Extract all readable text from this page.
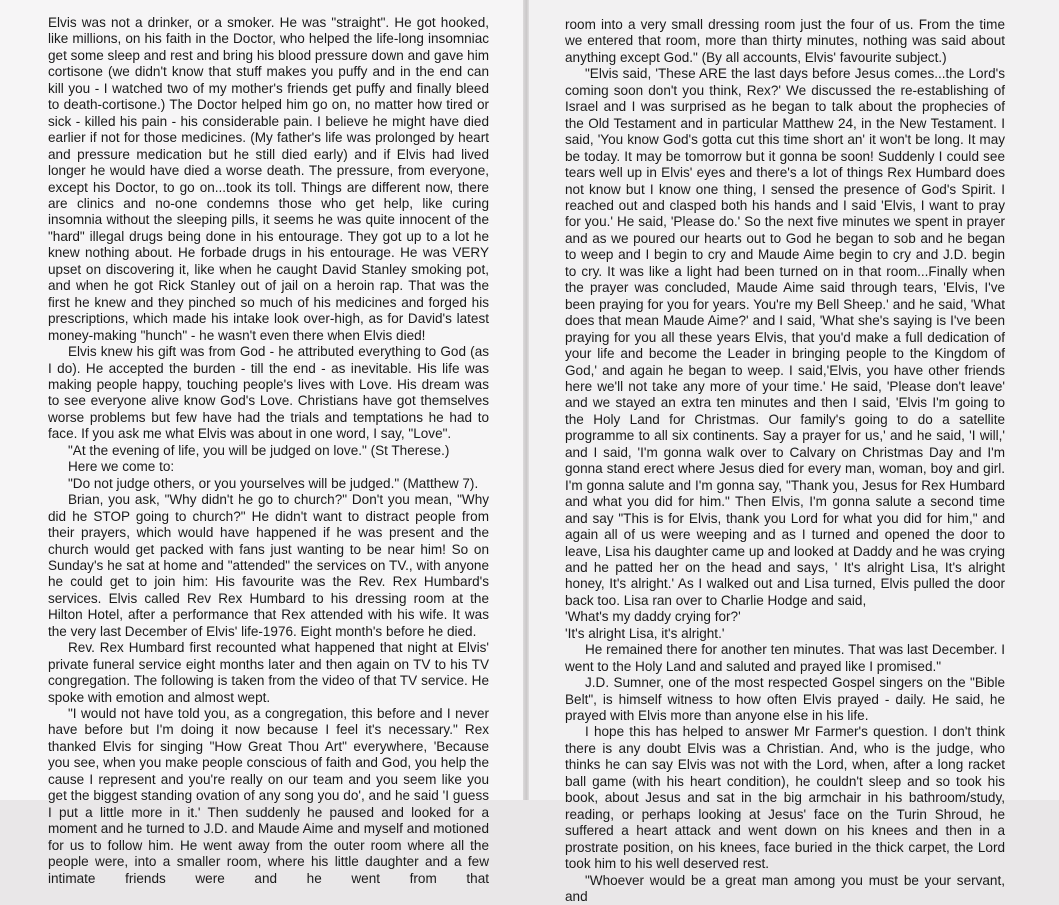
Elvis was not a drinker, or a smoker. He was "straight". He got hooked, like millions, on his faith in the Doctor, who helped the life-long insomniac get some sleep and rest and bring his blood pressure down and gave him cortisone (we didn't know that stuff makes you puffy and in the end can kill you - I watched two of my mother's friends get puffy and finally bleed to death-cortisone.) The Doctor helped him go on, no matter how tired or sick - killed his pain - his considerable pain. I believe he might have died earlier if not for those medicines. (My father's life was prolonged by heart and pressure medication but he still died early) and if Elvis had lived longer he would have died a worse death. The pressure, from everyone, except his Doctor, to go on...took its toll. Things are different now, there are clinics and no-one condemns those who get help, like curing insomnia without the sleeping pills, it seems he was quite innocent of the "hard" illegal drugs being done in his entourage. They got up to a lot he knew nothing about. He forbade drugs in his entourage. He was VERY upset on discovering it, like when he caught David Stanley smoking pot, and when he got Rick Stanley out of jail on a heroin rap. That was the first he knew and they pinched so much of his medicines and forged his prescriptions, which made his intake look over-high, as for David's latest money-making "hunch" - he wasn't even there when Elvis died!

Elvis knew his gift was from God - he attributed everything to God (as I do). He accepted the burden - till the end - as inevitable. His life was making people happy, touching people's lives with Love. His dream was to see everyone alive know God's Love. Christians have got themselves worse problems but few have had the trials and temptations he had to face. If you ask me what Elvis was about in one word, I say, "Love".

"At the evening of life, you will be judged on love." (St Therese.)

Here we come to:

"Do not judge others, or you yourselves will be judged." (Matthew 7).

Brian, you ask, "Why didn't he go to church?" Don't you mean, "Why did he STOP going to church?" He didn't want to distract people from their prayers, which would have happened if he was present and the church would get packed with fans just wanting to be near him! So on Sunday's he sat at home and "attended" the services on TV., with anyone he could get to join him: His favourite was the Rev. Rex Humbard's services. Elvis called Rev Rex Humbard to his dressing room at the Hilton Hotel, after a performance that Rex attended with his wife. It was the very last December of Elvis' life-1976. Eight month's before he died.

Rev. Rex Humbard first recounted what happened that night at Elvis' private funeral service eight months later and then again on TV to his TV congregation. The following is taken from the video of that TV service. He spoke with emotion and almost wept.

"I would not have told you, as a congregation, this before and I never have before but I'm doing it now because I feel it's necessary." Rex thanked Elvis for singing "How Great Thou Art" everywhere, 'Because you see, when you make people conscious of faith and God, you help the cause I represent and you're really on our team and you seem like you get the biggest standing ovation of any song you do', and he said 'I guess I put a little more in it.' Then suddenly he paused and looked for a moment and he turned to J.D. and Maude Aime and myself and motioned for us to follow him. He went away from the outer room where all the people were, into a smaller room, where his little daughter and a few intimate friends were and he went from that

room into a very small dressing room just the four of us. From the time we entered that room, more than thirty minutes, nothing was said about anything except God." (By all accounts, Elvis' favourite subject.)

"Elvis said, 'These ARE the last days before Jesus comes...the Lord's coming soon don't you think, Rex?' We discussed the re-establishing of Israel and I was surprised as he began to talk about the prophecies of the Old Testament and in particular Matthew 24, in the New Testament. I said, 'You know God's gotta cut this time short an' it won't be long. It may be today. It may be tomorrow but it gonna be soon! Suddenly I could see tears well up in Elvis' eyes and there's a lot of things Rex Humbard does not know but I know one thing, I sensed the presence of God's Spirit. I reached out and clasped both his hands and I said 'Elvis, I want to pray for you.' He said, 'Please do.' So the next five minutes we spent in prayer and as we poured our hearts out to God he began to sob and he began to weep and I begin to cry and Maude Aime begin to cry and J.D. begin to cry. It was like a light had been turned on in that room...Finally when the prayer was concluded, Maude Aime said through tears, 'Elvis, I've been praying for you for years. You're my Bell Sheep.' and he said, 'What does that mean Maude Aime?' and I said, 'What she's saying is I've been praying for you all these years Elvis, that you'd make a full dedication of your life and become the Leader in bringing people to the Kingdom of God,' and again he began to weep. I said,'Elvis, you have other friends here we'll not take any more of your time.' He said, 'Please don't leave' and we stayed an extra ten minutes and then I said, 'Elvis I'm going to the Holy Land for Christmas. Our family's going to do a satellite programme to all six continents. Say a prayer for us,' and he said, 'I will,' and I said, 'I'm gonna walk over to Calvary on Christmas Day and I'm gonna stand erect where Jesus died for every man, woman, boy and girl. I'm gonna salute and I'm gonna say, "Thank you, Jesus for Rex Humbard and what you did for him." Then Elvis, I'm gonna salute a second time and say "This is for Elvis, thank you Lord for what you did for him," and again all of us were weeping and as I turned and opened the door to leave, Lisa his daughter came up and looked at Daddy and he was crying and he patted her on the head and says, ' It's alright Lisa, It's alright honey, It's alright.' As I walked out and Lisa turned, Elvis pulled the door back too. Lisa ran over to Charlie Hodge and said,

'What's my daddy crying for?'

'It's alright Lisa, it's alright.'

He remained there for another ten minutes. That was last December. I went to the Holy Land and saluted and prayed like I promised."

J.D. Sumner, one of the most respected Gospel singers on the "Bible Belt", is himself witness to how often Elvis prayed - daily. He said, he prayed with Elvis more than anyone else in his life.

I hope this has helped to answer Mr Farmer's question. I don't think there is any doubt Elvis was a Christian. And, who is the judge, who thinks he can say Elvis was not with the Lord, when, after a long racket ball game (with his heart condition), he couldn't sleep and so took his book, about Jesus and sat in the big armchair in his bathroom/study, reading, or perhaps looking at Jesus' face on the Turin Shroud, he suffered a heart attack and went down on his knees and then in a prostrate position, on his knees, face buried in the thick carpet, the Lord took him to his well deserved rest.

"Whoever would be a great man among you must be your servant, and
